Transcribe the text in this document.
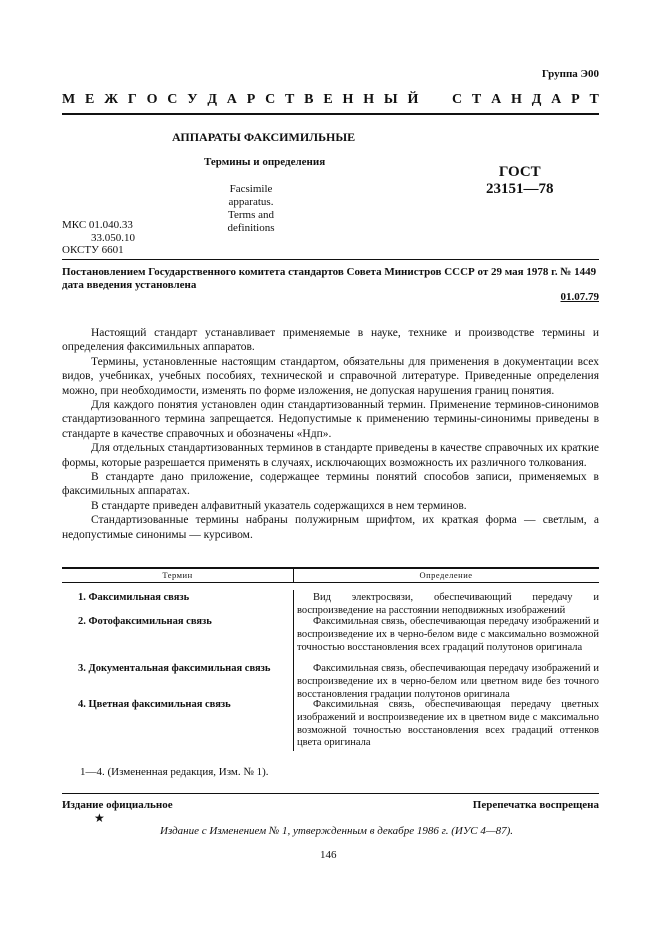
Группа Э00
М Е Ж Г О С У Д А Р С Т В Е Н Н Ы Й
С Т А Н Д А Р Т
АППАРАТЫ ФАКСИМИЛЬНЫЕ
Термины и определения
Facsimile apparatus.
Terms and definitions
ГОСТ
23151—78
МКС 01.040.33
33.050.10
ОКСТУ 6601
Постановлением Государственного комитета стандартов Совета Министров СССР от 29 мая 1978 г. № 1449 дата введения установлена
01.07.79

Настоящий стандарт устанавливает применяемые в науке, технике и производстве термины и определения факсимильных аппаратов.

Термины, установленные настоящим стандартом, обязательны для применения в документации всех видов, учебниках, учебных пособиях, технической и справочной литературе. Приведенные определения можно, при необходимости, изменять по форме изложения, не допуская нарушения границ понятия.

Для каждого понятия установлен один стандартизованный термин. Применение терминов-синонимов стандартизованного термина запрещается. Недопустимые к применению термины-синонимы приведены в стандарте в качестве справочных и обозначены «Ндп».

Для отдельных стандартизованных терминов в стандарте приведены в качестве справочных их краткие формы, которые разрешается применять в случаях, исключающих возможность их различного толкования.

В стандарте дано приложение, содержащее термины понятий способов записи, применяемых в факсимильных аппаратах.

В стандарте приведен алфавитный указатель содержащихся в нем терминов.

Стандартизованные термины набраны полужирным шрифтом, их краткая форма — светлым, а недопустимые синонимы — курсивом.

Термин	Определение
1. Факсимильная связь	Вид электросвязи, обеспечивающий передачу и воспроизведение на расстоянии неподвижных изображений
2. Фотофаксимильная связь	Факсимильная связь, обеспечивающая передачу изображений и воспроизведение их в черно-белом виде с максимально возможной точностью восстановления всех градаций полутонов оригинала
3. Документальная факсимильная связь	Факсимильная связь, обеспечивающая передачу изображений и воспроизведение их в черно-белом или цветном виде без точного восстановления градации полутонов оригинала
4. Цветная факсимильная связь	Факсимильная связь, обеспечивающая передачу цветных изображений и воспроизведение их в цветном виде с максимально возможной точностью восстановления всех градаций оттенков цвета оригинала
1—4. (Измененная редакция, Изм. № 1).
Издание официальное	Перепечатка воспрещена
★
Издание с Изменением № 1, утвержденным в декабре 1986 г. (ИУС 4—87).
146
